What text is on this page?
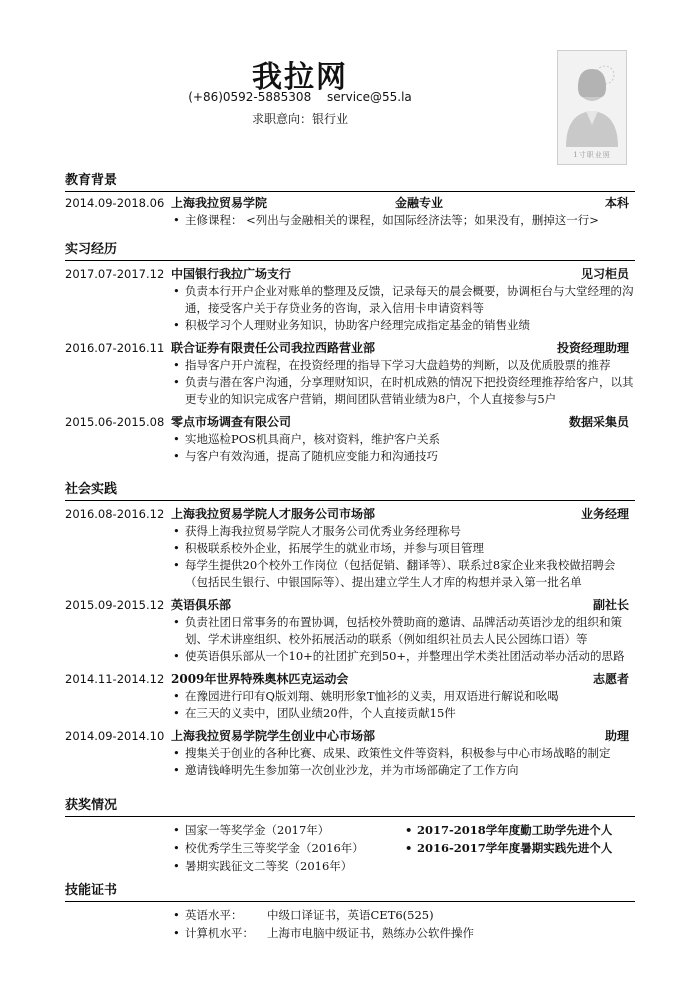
我拉网
(+86)0592-5885308 service@55.la
求职意向：银行业
1寸职业照
教育背景
2014.09-2018.06 上海我拉贸易学院	金融专业	本科
• 主修课程： <列出与金融相关的课程，如国际经济法等；如果没有，删掉这一行>
实习经历
2017.07-2017.12 中国银行我拉广场支行	见习柜员
• 负责本行开户企业对账单的整理及反馈，记录每天的晨会概要，协调柜台与大堂经理的沟通，接受客户关于存贷业务的咨询，录入信用卡申请资料等
• 积极学习个人理财业务知识，协助客户经理完成指定基金的销售业绩
2016.07-2016.11 联合证券有限责任公司我拉西路营业部	投资经理助理
• 指导客户开户流程，在投资经理的指导下学习大盘趋势的判断，以及优质股票的推荐
• 负责与潜在客户沟通，分享理财知识，在时机成熟的情况下把投资经理推荐给客户，以其更专业的知识完成客户营销，期间团队营销业绩为8户，个人直接参与5户
2015.06-2015.08 零点市场调查有限公司	数据采集员
• 实地巡检POS机具商户，核对资料，维护客户关系
• 与客户有效沟通，提高了随机应变能力和沟通技巧
社会实践
2016.08-2016.12 上海我拉贸易学院人才服务公司市场部	业务经理
• 获得上海我拉贸易学院人才服务公司优秀业务经理称号
• 积极联系校外企业，拓展学生的就业市场，并参与项目管理
• 每学生提供20个校外工作岗位（包括促销、翻译等）、联系过8家企业来我校做招聘会（包括民生银行、中银国际等）、提出建立学生人才库的构想并录入第一批名单
2015.09-2015.12 英语俱乐部	副社长
• 负责社团日常事务的布置协调，包括校外赞助商的邀请、品牌活动英语沙龙的组织和策划、学术讲座组织、校外拓展活动的联系（例如组织社员去人民公园练口语）等
• 使英语俱乐部从一个10+的社团扩充到50+，并整理出学术类社团活动举办活动的思路
2014.11-2014.12 2009年世界特殊奥林匹克运动会	志愿者
• 在豫园进行印有Q版刘翔、姚明形象T恤衫的义卖，用双语进行解说和吆喝
• 在三天的义卖中，团队业绩20件，个人直接贡献15件
2014.09-2014.10 上海我拉贸易学院学生创业中心市场部	助理
• 搜集关于创业的各种比赛、成果、政策性文件等资料，积极参与中心市场战略的制定
• 邀请钱峰明先生参加第一次创业沙龙，并为市场部确定了工作方向
获奖情况
• 国家一等奖学金（2017年）
• 校优秀学生三等奖学金（2016年）
• 暑期实践征文二等奖（2016年）
• 2017-2018学年度勤工助学先进个人
• 2016-2017学年度暑期实践先进个人
技能证书
• 英语水平： 中级口译证书，英语CET6(525)
• 计算机水平： 上海市电脑中级证书，熟练办公软件操作
